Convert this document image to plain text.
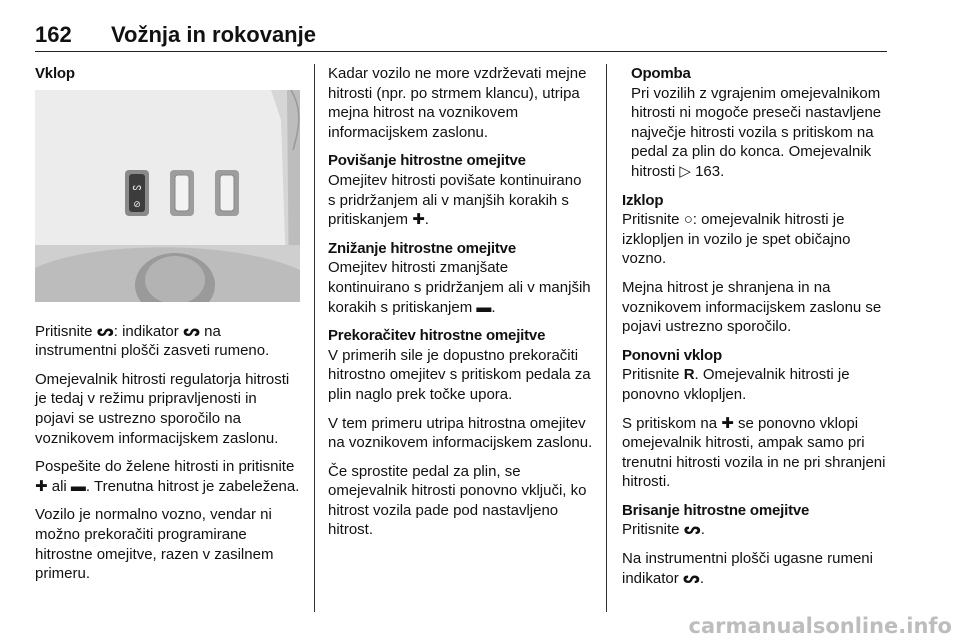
162 Vožnja in rokovanje
Vklop
ᔕ
⊘

Pritisnite ᔕ: indikator ᔕ na instrumentni plošči zasveti rumeno.

Omejevalnik hitrosti regulatorja hitrosti je tedaj v režimu pripravljenosti in pojavi se ustrezno sporočilo na voznikovem informacijskem zaslonu.

Pospešite do želene hitrosti in pritisnite ✚ ali ▬. Trenutna hitrost je zabeležena.

Vozilo je normalno vozno, vendar ni možno prekoračiti programirane hitrostne omejitve, razen v zasilnem primeru.

Kadar vozilo ne more vzdrževati mejne hitrosti (npr. po strmem klancu), utripa mejna hitrost na voznikovem informacijskem zaslonu.

Povišanje hitrostne omejitve

Omejitev hitrosti povišate kontinuirano s pridržanjem ali v manjših korakih s pritiskanjem ✚.

Znižanje hitrostne omejitve

Omejitev hitrosti zmanjšate kontinuirano s pridržanjem ali v manjših korakih s pritiskanjem ▬.

Prekoračitev hitrostne omejitve

V primerih sile je dopustno prekoračiti hitrostno omejitev s pritiskom pedala za plin naglo prek točke upora.

V tem primeru utripa hitrostna omejitev na voznikovem informacijskem zaslonu.

Če sprostite pedal za plin, se omejevalnik hitrosti ponovno vključi, ko hitrost vozila pade pod nastavljeno hitrost.

Opomba
Pri vozilih z vgrajenim omejevalnikom hitrosti ni mogoče preseči nastavljene največje hitrosti vozila s pritiskom na pedal za plin do konca. Omejevalnik hitrosti ▷ 163.
Izklop

Pritisnite ○: omejevalnik hitrosti je izklopljen in vozilo je spet običajno vozno.

Mejna hitrost je shranjena in na voznikovem informacijskem zaslonu se pojavi ustrezno sporočilo.

Ponovni vklop

Pritisnite R. Omejevalnik hitrosti je ponovno vklopljen.

S pritiskom na ✚ se ponovno vklopi omejevalnik hitrosti, ampak samo pri trenutni hitrosti vozila in ne pri shranjeni hitrosti.

Brisanje hitrostne omejitve

Pritisnite ᔕ.

Na instrumentni plošči ugasne rumeni indikator ᔕ.

carmanualsonline.info
